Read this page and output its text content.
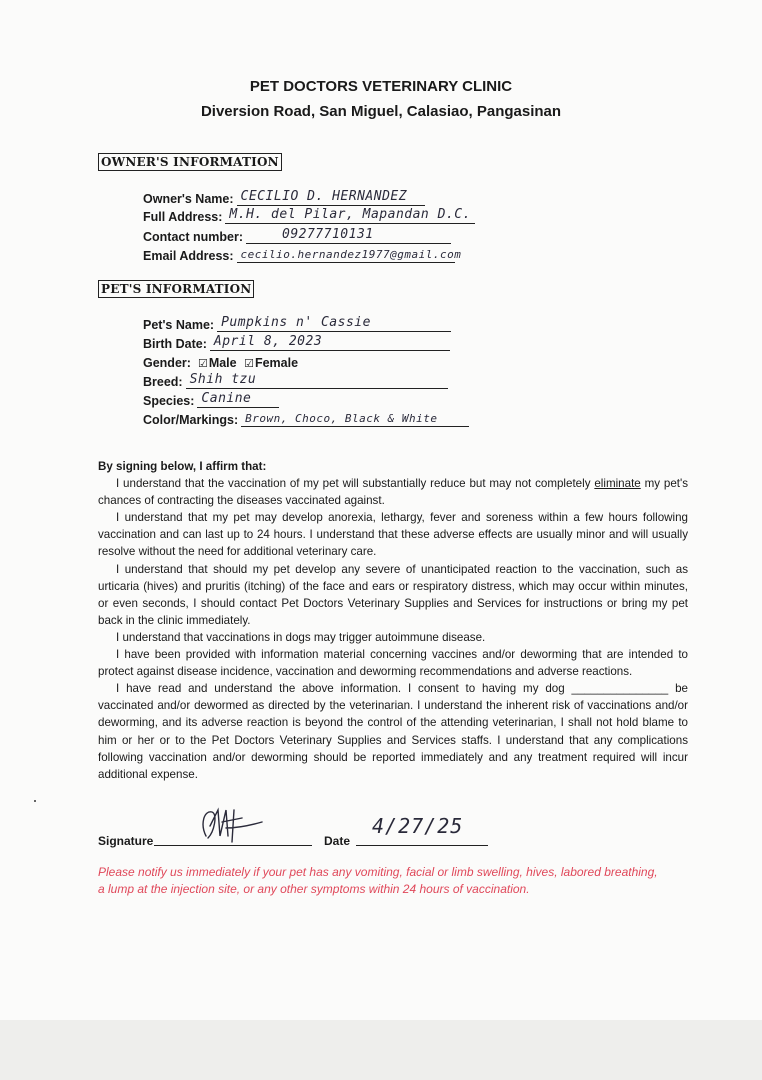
PET DOCTORS VETERINARY CLINIC
Diversion Road, San Miguel, Calasiao, Pangasinan
OWNER'S INFORMATION
Owner's Name: CECILIO D. HERNANDEZ
Full Address: M.H. del Pilar, Mapandan D.C.
Contact number:	09277710131
Email Address: cecilio.hernandez1977@gmail.com
PET'S INFORMATION
Pet's Name: Pumpkins n' Cassie
Birth Date: April 8, 2023
Gender: ☑Male ☑Female
Breed: Shih tzu
Species: Canine
Color/Markings: Brown, Choco, Black & White

By signing below, I affirm that:

I understand that the vaccination of my pet will substantially reduce but may not completely eliminate my pet's chances of contracting the diseases vaccinated against.

I understand that my pet may develop anorexia, lethargy, fever and soreness within a few hours following vaccination and can last up to 24 hours. I understand that these adverse effects are usually minor and will usually resolve without the need for additional veterinary care.

I understand that should my pet develop any severe of unanticipated reaction to the vaccination, such as urticaria (hives) and pruritis (itching) of the face and ears or respiratory distress, which may occur within minutes, or even seconds, I should contact Pet Doctors Veterinary Supplies and Services for instructions or bring my pet back in the clinic immediately.

I understand that vaccinations in dogs may trigger autoimmune disease.

I have been provided with information material concerning vaccines and/or deworming that are intended to protect against disease incidence, vaccination and deworming recommendations and adverse reactions.

I have read and understand the above information. I consent to having my dog _______________ be vaccinated and/or dewormed as directed by the veterinarian. I understand the inherent risk of vaccinations and/or deworming, and its adverse reaction is beyond the control of the attending veterinarian, I shall not hold blame to him or her or to the Pet Doctors Veterinary Supplies and Services staffs. I understand that any complications following vaccination and/or deworming should be reported immediately and any treatment required will incur additional expense.

Signature	Date
4/27/25
Please notify us immediately if your pet has any vomiting, facial or limb swelling, hives, labored breathing, a lump at the injection site, or any other symptoms within 24 hours of vaccination.
